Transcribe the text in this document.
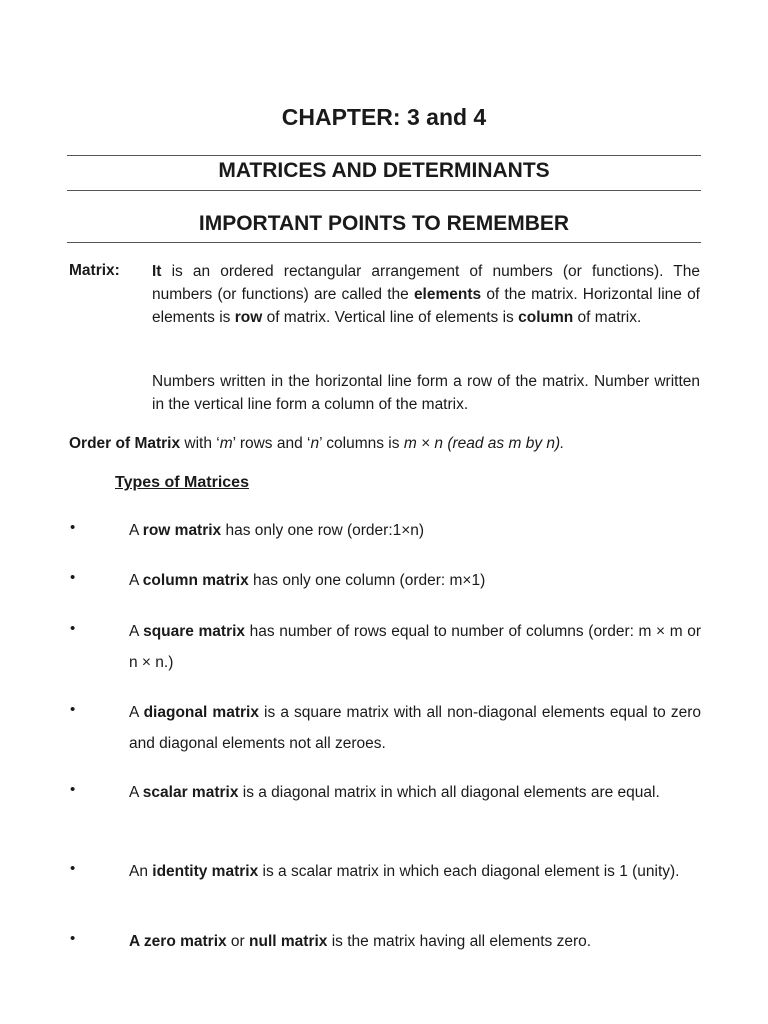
CHAPTER: 3 and 4
MATRICES AND DETERMINANTS
IMPORTANT POINTS TO REMEMBER
Matrix: It is an ordered rectangular arrangement of numbers (or functions). The numbers (or functions) are called the elements of the matrix. Horizontal line of elements is row of matrix. Vertical line of elements is column of matrix.
Numbers written in the horizontal line form a row of the matrix. Number written in the vertical line form a column of the matrix.
Order of Matrix with ‘m’ rows and ‘n’ columns is m × n (read as m by n).
Types of Matrices
•	A row matrix has only one row (order:1×n)
•	A column matrix has only one column (order: m×1)
•	A square matrix has number of rows equal to number of columns (order: m × m or n × n.)
•	A diagonal matrix is a square matrix with all non-diagonal elements equal to zero and diagonal elements not all zeroes.
•	A scalar matrix is a diagonal matrix in which all diagonal elements are equal.
•	An identity matrix is a scalar matrix in which each diagonal element is 1 (unity).
•	A zero matrix or null matrix is the matrix having all elements zero.
